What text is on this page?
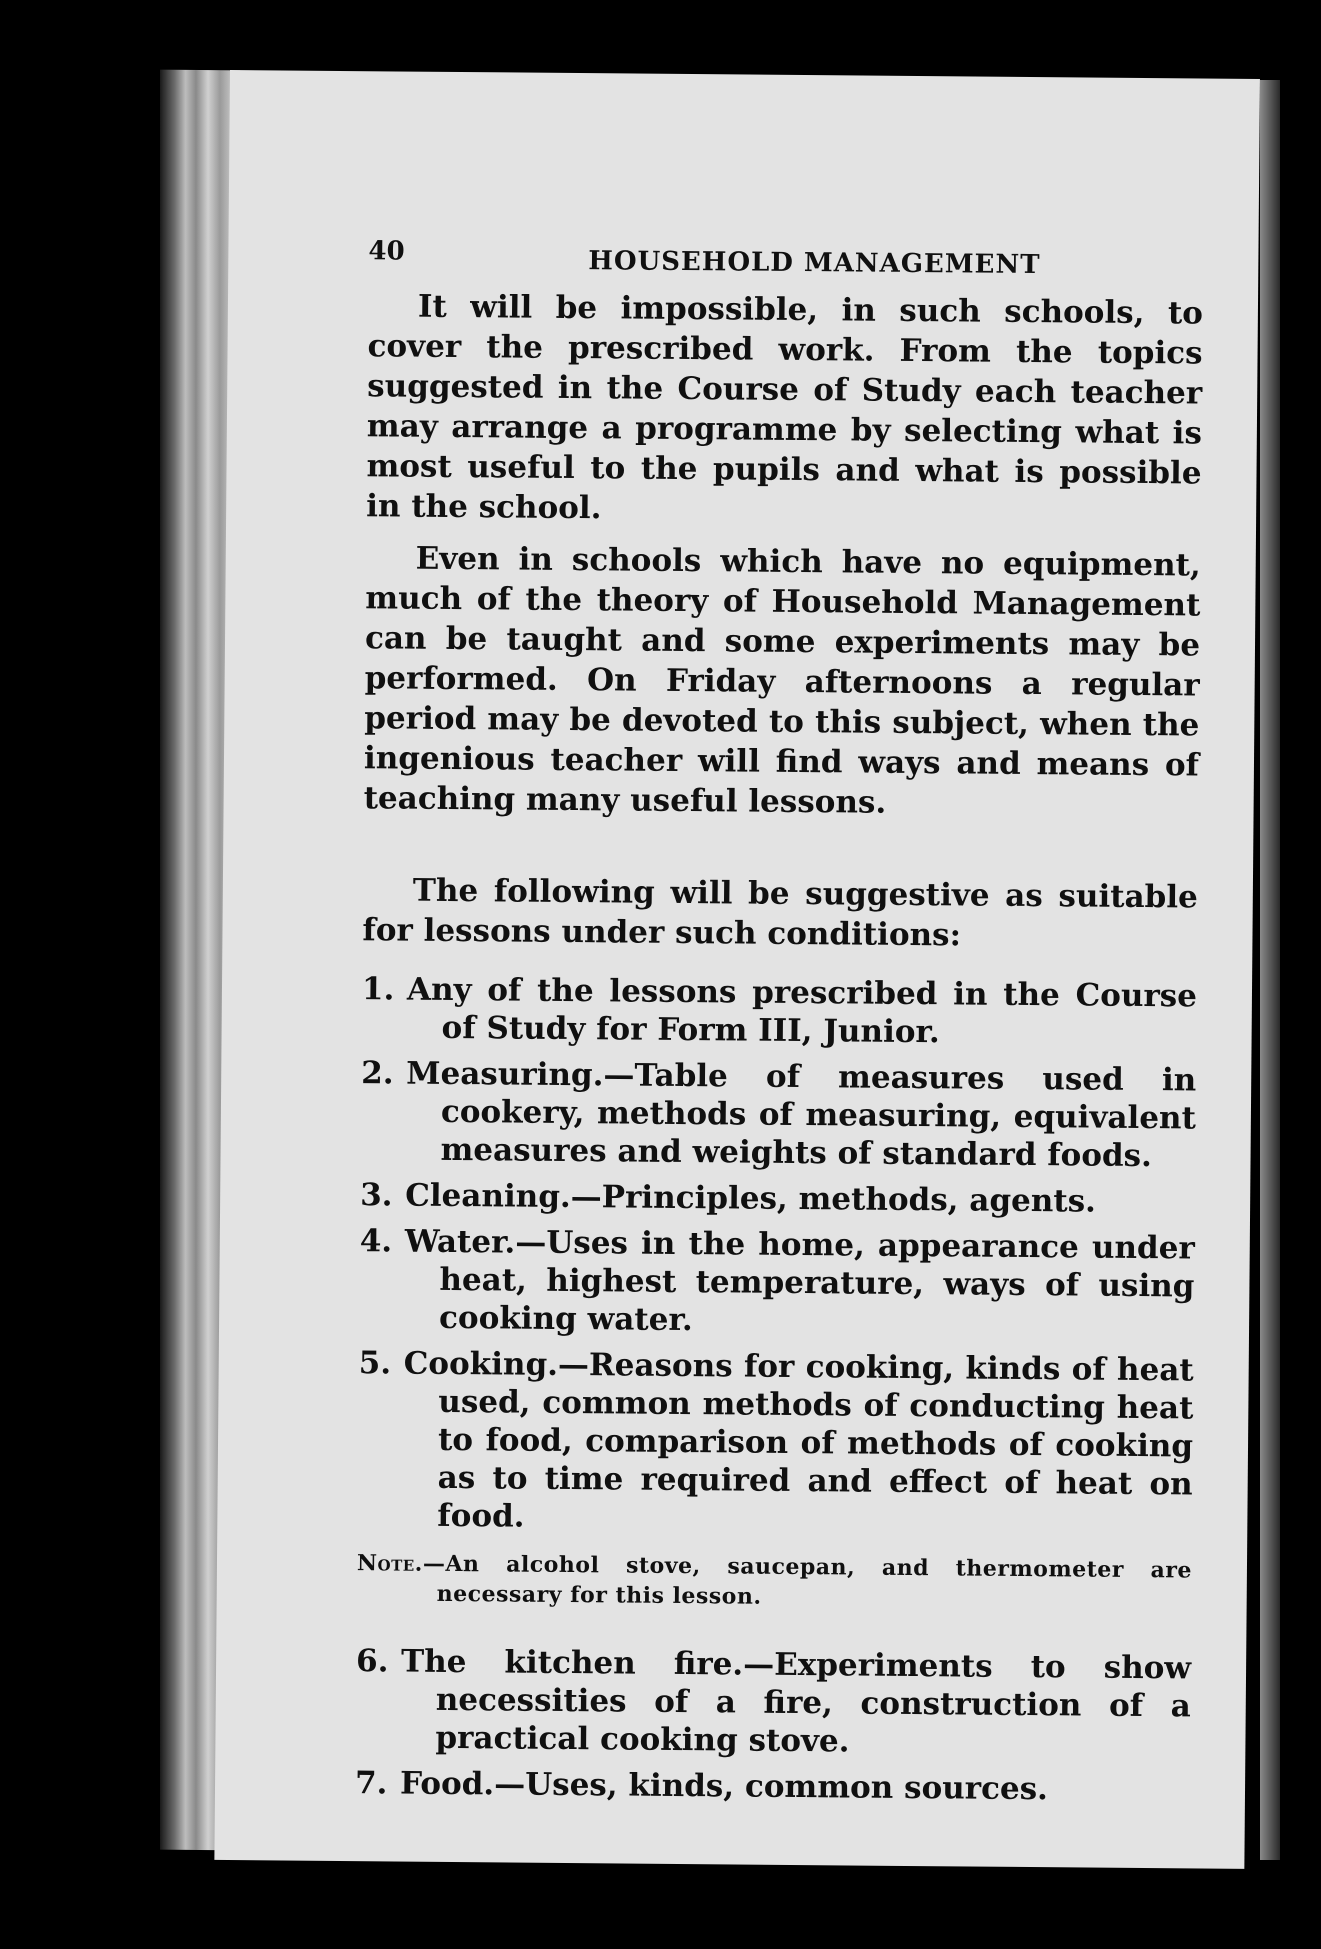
40	HOUSEHOLD MANAGEMENT

It will be impossible, in such schools, to cover the prescribed work. From the topics suggested in the Course of Study each teacher may arrange a programme by selecting what is most useful to the pupils and what is possible in the school.

Even in schools which have no equipment, much of the theory of Household Management can be taught and some experiments may be performed. On Friday afternoons a regular period may be devoted to this subject, when the ingenious teacher will find ways and means of teaching many useful lessons.

The following will be suggestive as suitable for lessons under such conditions:

1. Any of the lessons prescribed in the Course of Study for Form III, Junior.
2. Measuring.—Table of measures used in cookery, methods of measuring, equivalent measures and weights of standard foods.
3. Cleaning.—Principles, methods, agents.
4. Water.—Uses in the home, appearance under heat, highest temperature, ways of using cooking water.
5. Cooking.—Reasons for cooking, kinds of heat used, common methods of conducting heat to food, comparison of methods of cooking as to time required and effect of heat on food.

Note.—An alcohol stove, saucepan, and thermometer are necessary for this lesson.

6. The kitchen fire.—Experiments to show necessities of a fire, construction of a practical cooking stove.
7. Food.—Uses, kinds, common sources.
